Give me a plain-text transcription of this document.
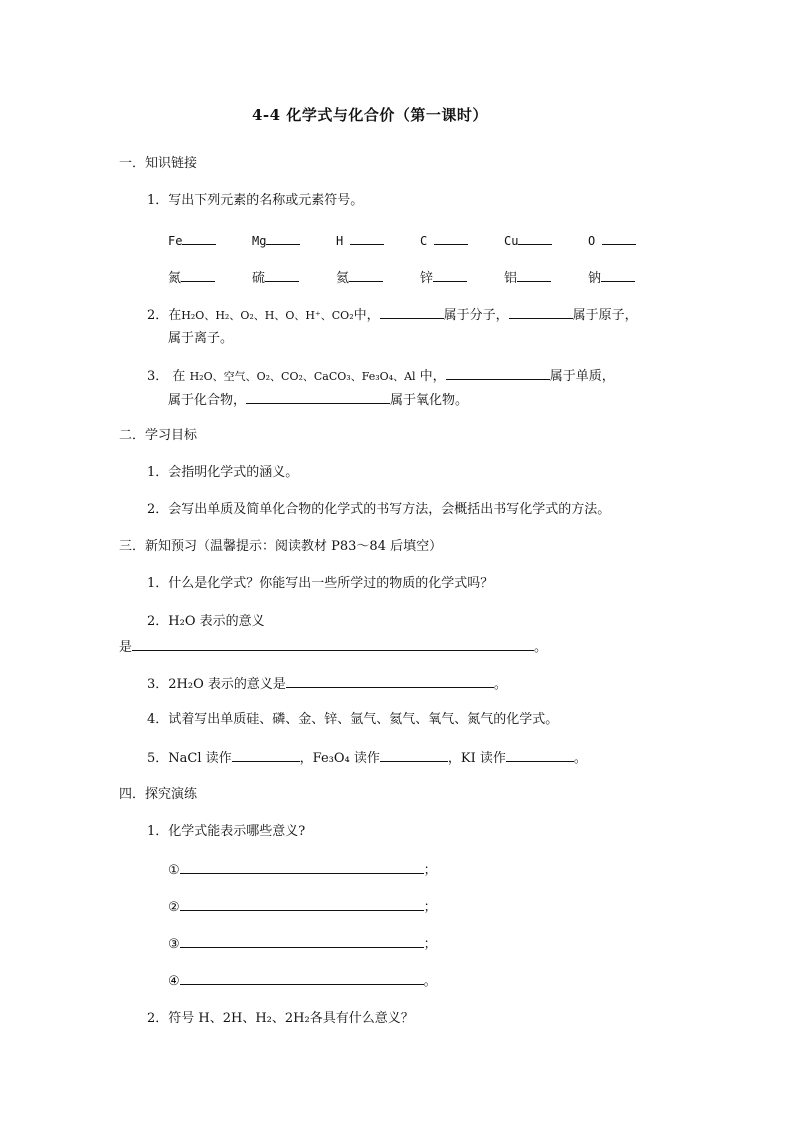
4-4 化学式与化合价（第一课时）
一．知识链接
1．写出下列元素的名称或元素符号。
Fe	Mg	H	C	Cu	O
氮	硫	氦	锌	铝	钠
2．在H₂O、H₂、O₂、H、O、H⁺、CO₂中，	属于分子，	属于原子，
属于离子。
3． 在 H₂O、空气、O₂、CO₂、CaCO₃、Fe₃O₄、Al 中，	属于单质，
属于化合物，	属于氧化物。
二．学习目标
1．会指明化学式的涵义。
2．会写出单质及简单化合物的化学式的书写方法，会概括出书写化学式的方法。
三．新知预习（温馨提示：阅读教材 P83～84 后填空）
1．什么是化学式？你能写出一些所学过的物质的化学式吗？
2．H₂O 表示的意义
是	。
3．2H₂O 表示的意义是	。
4．试着写出单质硅、磷、金、锌、氩气、氦气、氧气、氮气的化学式。
5．NaCl 读作	，Fe₃O₄ 读作	，KI 读作	。
四．探究演练
1．化学式能表示哪些意义?
①	；
②	；
③	；
④	。
2．符号 H、2H、H₂、2H₂各具有什么意义？
